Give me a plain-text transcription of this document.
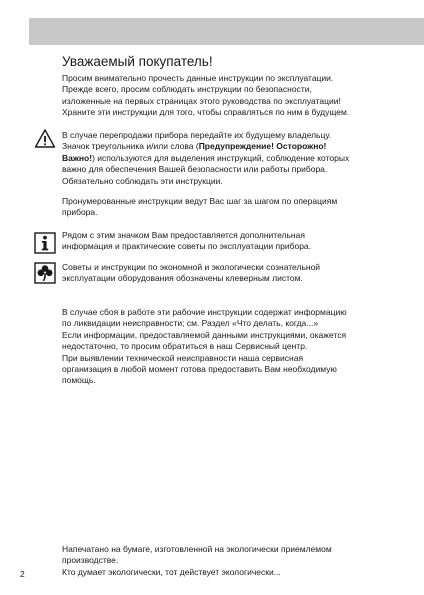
Уважаемый покупатель!
Просим внимательно прочесть данные инструкции по эксплуатации.
Прежде всего, просим соблюдать инструкции по безопасности,
изложенные на первых страницах этого руководства по эксплуатации!
Храните эти инструкции для того, чтобы справляться по ним в будущем.
В случае перепродажи прибора передайте их будущему владельцу.
Значок треугольника и/или слова (Предупреждение! Осторожно!
Важно!) используются для выделения инструкций, соблюдение которых
важно для обеспечения Вашей безопасности или работы прибора.
Обязательно соблюдать эти инструкции.
Пронумерованные инструкции ведут Вас шаг за шагом по операциям
прибора.
Рядом с этим значком Вам предоставляется дополнительная
информация и практические советы по эксплуатации прибора.
Советы и инструкции по экономной и экологически сознательной
эксплуатации оборудования обозначены клеверным листом.
В случае сбоя в работе эти рабочие инструкции содержат информацию
по ликвидации неисправности; см. Раздел «Что делать, когда...»
Если информации, предоставляемой данными инструкциями, окажется
недостаточно, то просим обратиться в наш Сервисный центр.
При выявлении технической неисправности наша сервисная
организация в любой момент готова предоставить Вам необходимую
помощь.
Напечатано на бумаге, изготовленной на экологически приемлемом
производстве.
Кто думает экологически, тот действует экологически...
2
